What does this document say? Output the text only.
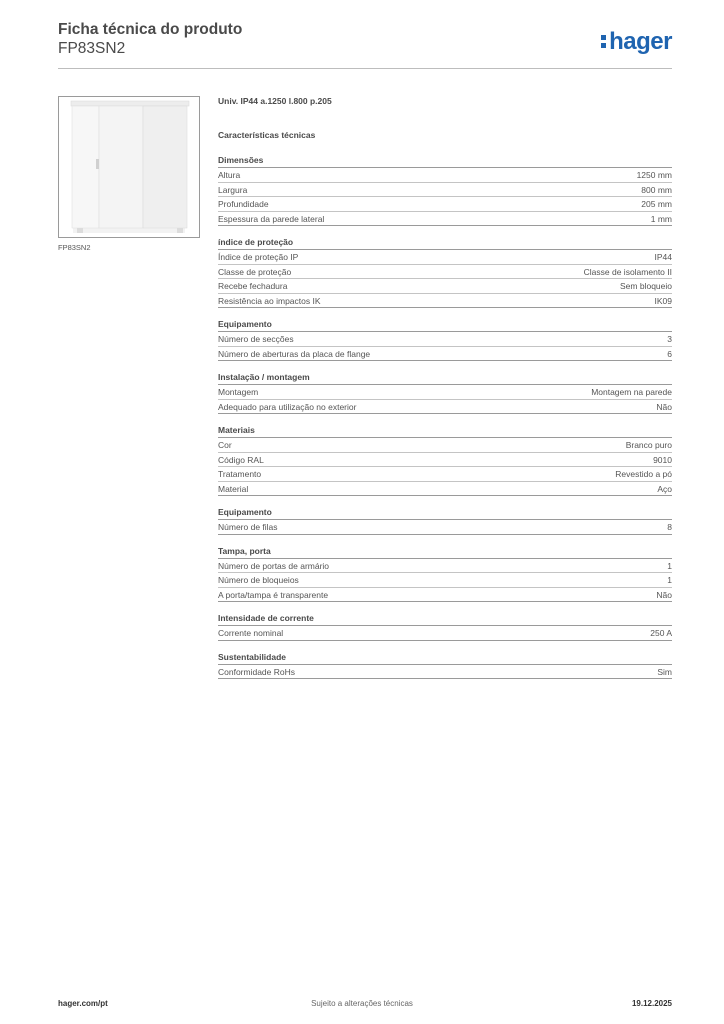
Ficha técnica do produto
FP83SN2	hager
FP83SN2
Univ. IP44 a.1250 l.800 p.205
Características técnicas
Dimensões
Altura	1250 mm
Largura	800 mm
Profundidade	205 mm
Espessura da parede lateral	1 mm
índice de proteção
Índice de proteção IP	IP44
Classe de proteção	Classe de isolamento II
Recebe fechadura	Sem bloqueio
Resistência ao impactos IK	IK09
Equipamento
Número de secções	3
Número de aberturas da placa de flange	6
Instalação / montagem
Montagem	Montagem na parede
Adequado para utilização no exterior	Não
Materiais
Cor	Branco puro
Código RAL	9010
Tratamento	Revestido a pó
Material	Aço
Equipamento
Número de filas	8
Tampa, porta
Número de portas de armário	1
Número de bloqueios	1
A porta/tampa é transparente	Não
Intensidade de corrente
Corrente nominal	250 A
Sustentabilidade
Conformidade RoHs	Sim
hager.com/pt	Sujeito a alterações técnicas	19.12.2025
